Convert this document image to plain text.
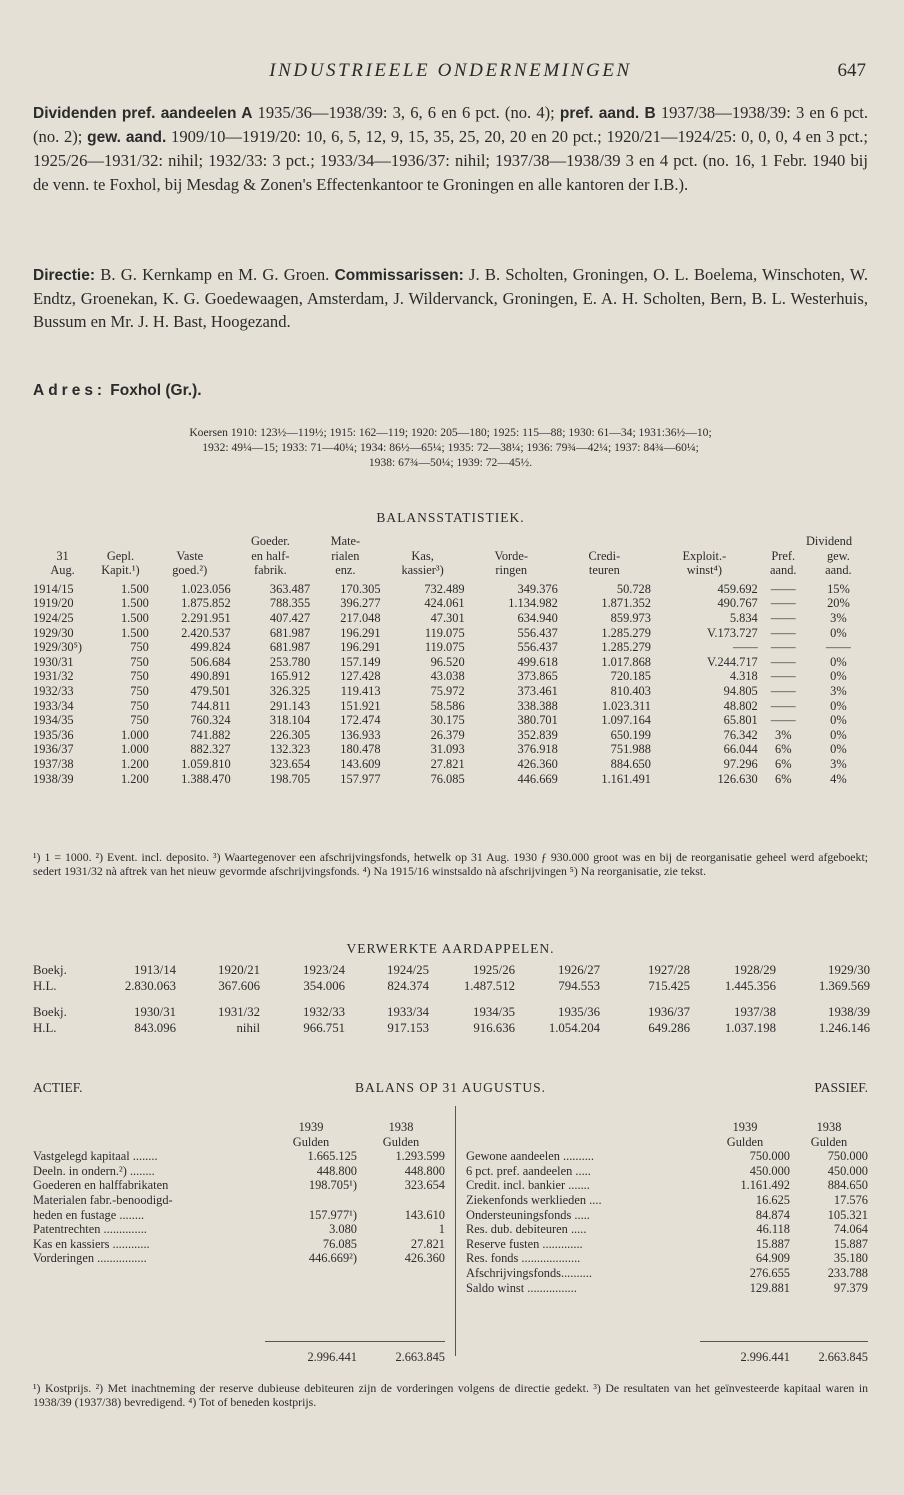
INDUSTRIEELE ONDERNEMINGEN	647
Dividenden pref. aandeelen A 1935/36—1938/39: 3, 6, 6 en 6 pct. (no. 4); pref. aand. B 1937/38—1938/39: 3 en 6 pct. (no. 2); gew. aand. 1909/10—1919/20: 10, 6, 5, 12, 9, 15, 35, 25, 20, 20 en 20 pct.; 1920/21—1924/25: 0, 0, 0, 4 en 3 pct.; 1925/26—1931/32: nihil; 1932/33: 3 pct.; 1933/34—1936/37: nihil; 1937/38—1938/39 3 en 4 pct. (no. 16, 1 Febr. 1940 bij de venn. te Foxhol, bij Mesdag & Zonen's Effectenkantoor te Groningen en alle kantoren der I.B.).
Directie: B. G. Kernkamp en M. G. Groen. Commissarissen: J. B. Scholten, Groningen, O. L. Boelema, Winschoten, W. Endtz, Groenekan, K. G. Goedewaagen, Amsterdam, J. Wildervanck, Groningen, E. A. H. Scholten, Bern, B. L. Westerhuis, Bussum en Mr. J. H. Bast, Hoogezand.
Adres: Foxhol (Gr.).
Koersen 1910: 123½—119½; 1915: 162—119; 1920: 205—180; 1925: 115—88; 1930: 61—34; 1931:36½—10;
1932: 49¼—15; 1933: 71—40¼; 1934: 86½—65¼; 1935: 72—38¼; 1936: 79¾—42¼; 1937: 84¾—60¼;
1938: 67¾—50¼; 1939: 72—45½.
BALANSSTATISTIEK.
Dividend
			Goeder.	Mate-						
31	Gepl.	Vaste	en half-	rialen	Kas,	Vorde-	Credi-	Exploit.-	Pref.	gew.
Aug.	Kapit.¹)	goed.²)	fabrik.	enz.	kassier³)	ringen	teuren	winst⁴)	aand.	aand.
1914/15	1.500	1.023.056	363.487	170.305	732.489	349.376	50.728	459.692	——	15%
1919/20	1.500	1.875.852	788.355	396.277	424.061	1.134.982	1.871.352	490.767	——	20%
1924/25	1.500	2.291.951	407.427	217.048	47.301	634.940	859.973	5.834	——	3%
1929/30	1.500	2.420.537	681.987	196.291	119.075	556.437	1.285.279	V.173.727	——	0%
1929/30⁵)	750	499.824	681.987	196.291	119.075	556.437	1.285.279	——	——	——
1930/31	750	506.684	253.780	157.149	96.520	499.618	1.017.868	V.244.717	——	0%
1931/32	750	490.891	165.912	127.428	43.038	373.865	720.185	4.318	——	0%
1932/33	750	479.501	326.325	119.413	75.972	373.461	810.403	94.805	——	3%
1933/34	750	744.811	291.143	151.921	58.586	338.388	1.023.311	48.802	——	0%
1934/35	750	760.324	318.104	172.474	30.175	380.701	1.097.164	65.801	——	0%
1935/36	1.000	741.882	226.305	136.933	26.379	352.839	650.199	76.342	3%	0%
1936/37	1.000	882.327	132.323	180.478	31.093	376.918	751.988	66.044	6%	0%
1937/38	1.200	1.059.810	323.654	143.609	27.821	426.360	884.650	97.296	6%	3%
1938/39	1.200	1.388.470	198.705	157.977	76.085	446.669	1.161.491	126.630	6%	4%
¹) 1 = 1000. ²) Event. incl. deposito. ³) Waartegenover een afschrijvingsfonds, hetwelk op 31 Aug. 1930 ƒ 930.000 groot was en bij de reorganisatie geheel werd afgeboekt; sedert 1931/32 nà aftrek van het nieuw gevormde afschrijvingsfonds. ⁴) Na 1915/16 winstsaldo nà afschrijvingen ⁵) Na reorganisatie, zie tekst.
VERWERKTE AARDAPPELEN.
Boekj.	1913/14	1920/21	1923/24	1924/25	1925/26	1926/27	1927/28	1928/29	1929/30
H.L.	2.830.063	367.606	354.006	824.374	1.487.512	794.553	715.425	1.445.356	1.369.569

Boekj.	1930/31	1931/32	1932/33	1933/34	1934/35	1935/36	1936/37	1937/38	1938/39
H.L.	843.096	nihil	966.751	917.153	916.636	1.054.204	649.286	1.037.198	1.246.146
ACTIEF.	BALANS OP 31 AUGUSTUS.	PASSIEF.
	1939	1938
	Gulden	Gulden
Vastgelegd kapitaal ........	1.665.125	1.293.599
Deeln. in ondern.²) ........	448.800	448.800
Goederen en halffabrikaten	198.705¹)	323.654
Materialen fabr.-benoodigd-		
heden en fustage ........	157.977¹)	143.610
Patentrechten ..............	3.080	1
Kas en kassiers ............	76.085	27.821
Vorderingen ................	446.669²)	426.360
	1939	1938
	Gulden	Gulden
Gewone aandeelen ..........	750.000	750.000
6 pct. pref. aandeelen .....	450.000	450.000
Credit. incl. bankier .......	1.161.492	884.650
Ziekenfonds werklieden ....	16.625	17.576
Ondersteuningsfonds .....	84.874	105.321
Res. dub. debiteuren .....	46.118	74.064
Reserve fusten .............	15.887	15.887
Res. fonds ...................	64.909	35.180
Afschrijvingsfonds..........	276.655	233.788
Saldo winst ................	129.881	97.379
2.996.441	2.663.845	2.996.441	2.663.845
¹) Kostprijs. ²) Met inachtneming der reserve dubieuse debiteuren zijn de vorderingen volgens de directie gedekt. ³) De resultaten van het geïnvesteerde kapitaal waren in 1938/39 (1937/38) bevredigend. ⁴) Tot of beneden kostprijs.
